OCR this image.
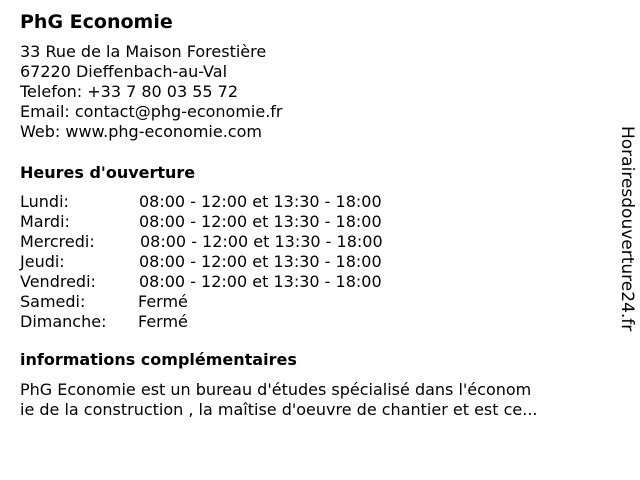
PhG Economie
33 Rue de la Maison Forestière
67220 Dieffenbach-au-Val
Telefon: +33 7 80 03 55 72
Email: contact@phg-economie.fr
Web: www.phg-economie.com
Heures d'ouverture
Lundi:	08:00 - 12:00 et 13:30 - 18:00
Mardi:	08:00 - 12:00 et 13:30 - 18:00
Mercredi:	08:00 - 12:00 et 13:30 - 18:00
Jeudi:	08:00 - 12:00 et 13:30 - 18:00
Vendredi:	08:00 - 12:00 et 13:30 - 18:00
Samedi:	Fermé
Dimanche: Fermé
informations complémentaires
PhG Economie est un bureau d'études spécialisé dans l'économ
ie de la construction , la maîtise d'oeuvre de chantier et est ce...
Horairesdouverture24.fr
